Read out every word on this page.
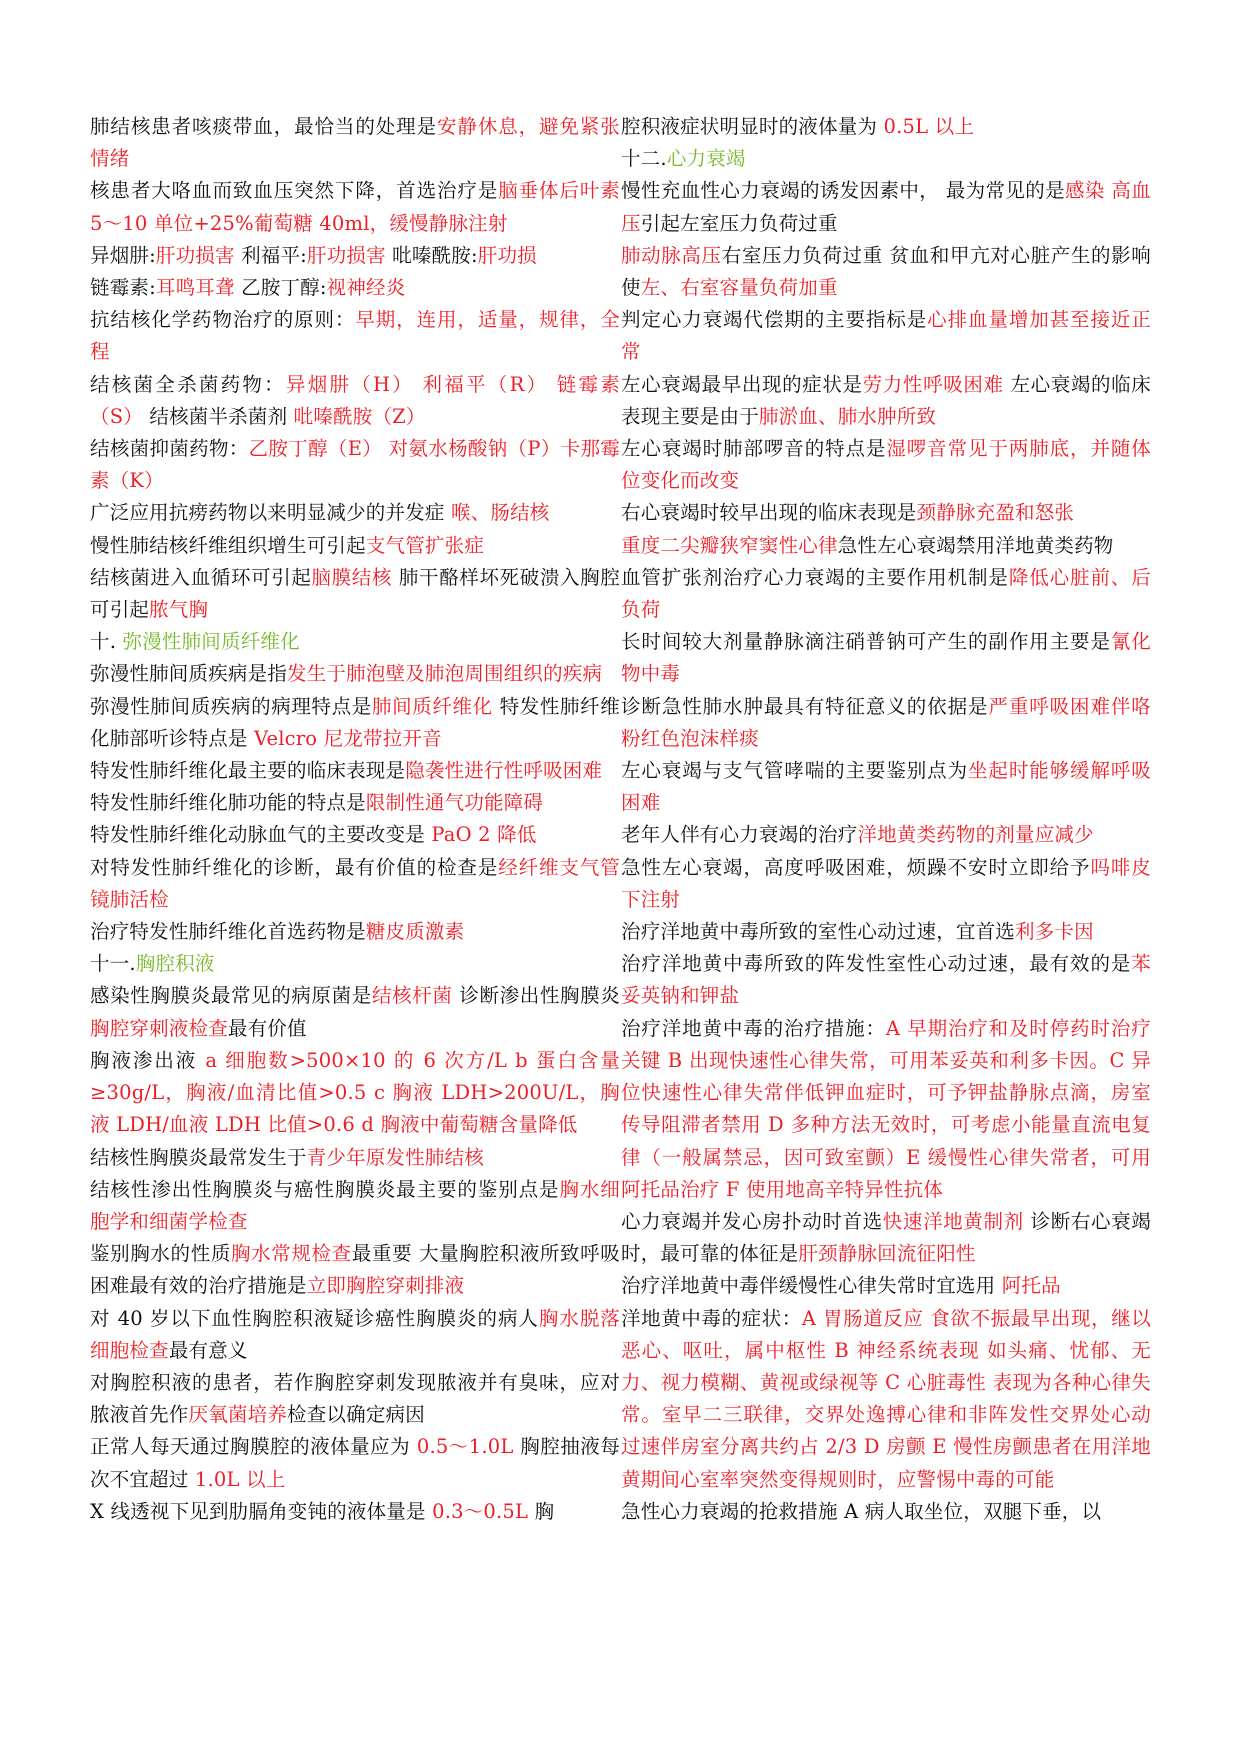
肺结核患者咳痰带血，最恰当的处理是安静休息，避免紧张情绪
核患者大咯血而致血压突然下降，首选治疗是脑垂体后叶素 5～10 单位+25%葡萄糖 40ml，缓慢静脉注射
异烟肼:肝功损害 利福平:肝功损害 吡嗪酰胺:肝功损
链霉素:耳鸣耳聋 乙胺丁醇:视神经炎
抗结核化学药物治疗的原则：早期，连用，适量，规律，全程
结核菌全杀菌药物：异烟肼（H） 利福平（R） 链霉素（S） 结核菌半杀菌剂 吡嗪酰胺（Z）
结核菌抑菌药物：乙胺丁醇（E） 对氨水杨酸钠（P）卡那霉素（K）
广泛应用抗痨药物以来明显减少的并发症 喉、肠结核
慢性肺结核纤维组织增生可引起支气管扩张症
结核菌进入血循环可引起脑膜结核 肺干酪样坏死破溃入胸腔可引起脓气胸
十. 弥漫性肺间质纤维化
弥漫性肺间质疾病是指发生于肺泡壁及肺泡周围组织的疾病
弥漫性肺间质疾病的病理特点是肺间质纤维化 特发性肺纤维化肺部听诊特点是 Velcro 尼龙带拉开音
特发性肺纤维化最主要的临床表现是隐袭性进行性呼吸困难
特发性肺纤维化肺功能的特点是限制性通气功能障碍
特发性肺纤维化动脉血气的主要改变是 PaO 2 降低
对特发性肺纤维化的诊断，最有价值的检查是经纤维支气管镜肺活检
治疗特发性肺纤维化首选药物是糖皮质激素
十一.胸腔积液
感染性胸膜炎最常见的病原菌是结核杆菌 诊断渗出性胸膜炎胸腔穿刺液检查最有价值
胸液渗出液 a 细胞数>500×10 的 6 次方/L b 蛋白含量≥30g/L，胸液/血清比值>0.5 c 胸液 LDH>200U/L，胸液 LDH/血液 LDH 比值>0.6 d 胸液中葡萄糖含量降低
结核性胸膜炎最常发生于青少年原发性肺结核
结核性渗出性胸膜炎与癌性胸膜炎最主要的鉴别点是胸水细胞学和细菌学检查
鉴别胸水的性质胸水常规检查最重要 大量胸腔积液所致呼吸困难最有效的治疗措施是立即胸腔穿刺排液
对 40 岁以下血性胸腔积液疑诊癌性胸膜炎的病人胸水脱落细胞检查最有意义
对胸腔积液的患者，若作胸腔穿刺发现脓液并有臭味，应对脓液首先作厌氧菌培养检查以确定病因
正常人每天通过胸膜腔的液体量应为 0.5～1.0L 胸腔抽液每次不宜超过 1.0L 以上
X 线透视下见到肋膈角变钝的液体量是 0.3～0.5L 胸
腔积液症状明显时的液体量为 0.5L 以上
十二.心力衰竭
慢性充血性心力衰竭的诱发因素中， 最为常见的是感染 高血压引起左室压力负荷过重
肺动脉高压右室压力负荷过重 贫血和甲亢对心脏产生的影响使左、右室容量负荷加重
判定心力衰竭代偿期的主要指标是心排血量增加甚至接近正常
左心衰竭最早出现的症状是劳力性呼吸困难 左心衰竭的临床表现主要是由于肺淤血、肺水肿所致
左心衰竭时肺部啰音的特点是湿啰音常见于两肺底，并随体位变化而改变
右心衰竭时较早出现的临床表现是颈静脉充盈和怒张
重度二尖瓣狭窄窦性心律急性左心衰竭禁用洋地黄类药物
血管扩张剂治疗心力衰竭的主要作用机制是降低心脏前、后负荷
长时间较大剂量静脉滴注硝普钠可产生的副作用主要是氰化物中毒
诊断急性肺水肿最具有特征意义的依据是严重呼吸困难伴咯粉红色泡沫样痰
左心衰竭与支气管哮喘的主要鉴别点为坐起时能够缓解呼吸困难
老年人伴有心力衰竭的治疗洋地黄类药物的剂量应减少
急性左心衰竭，高度呼吸困难，烦躁不安时立即给予吗啡皮下注射
治疗洋地黄中毒所致的室性心动过速，宜首选利多卡因
治疗洋地黄中毒所致的阵发性室性心动过速，最有效的是苯妥英钠和钾盐
治疗洋地黄中毒的治疗措施：A 早期治疗和及时停药时治疗关键 B 出现快速性心律失常，可用苯妥英和利多卡因。C 异位快速性心律失常伴低钾血症时，可予钾盐静脉点滴，房室传导阻滞者禁用 D 多种方法无效时，可考虑小能量直流电复律（一般属禁忌，因可致室颤）E 缓慢性心律失常者，可用阿托品治疗 F 使用地高辛特异性抗体
心力衰竭并发心房扑动时首选快速洋地黄制剂 诊断右心衰竭时，最可靠的体征是肝颈静脉回流征阳性
治疗洋地黄中毒伴缓慢性心律失常时宜选用 阿托品
洋地黄中毒的症状：A 胃肠道反应 食欲不振最早出现，继以恶心、呕吐，属中枢性 B 神经系统表现 如头痛、忧郁、无力、视力模糊、黄视或绿视等 C 心脏毒性 表现为各种心律失常。室早二三联律，交界处逸搏心律和非阵发性交界处心动过速伴房室分离共约占 2/3 D 房颤 E 慢性房颤患者在用洋地黄期间心室率突然变得规则时，应警惕中毒的可能
急性心力衰竭的抢救措施 A 病人取坐位，双腿下垂，以
